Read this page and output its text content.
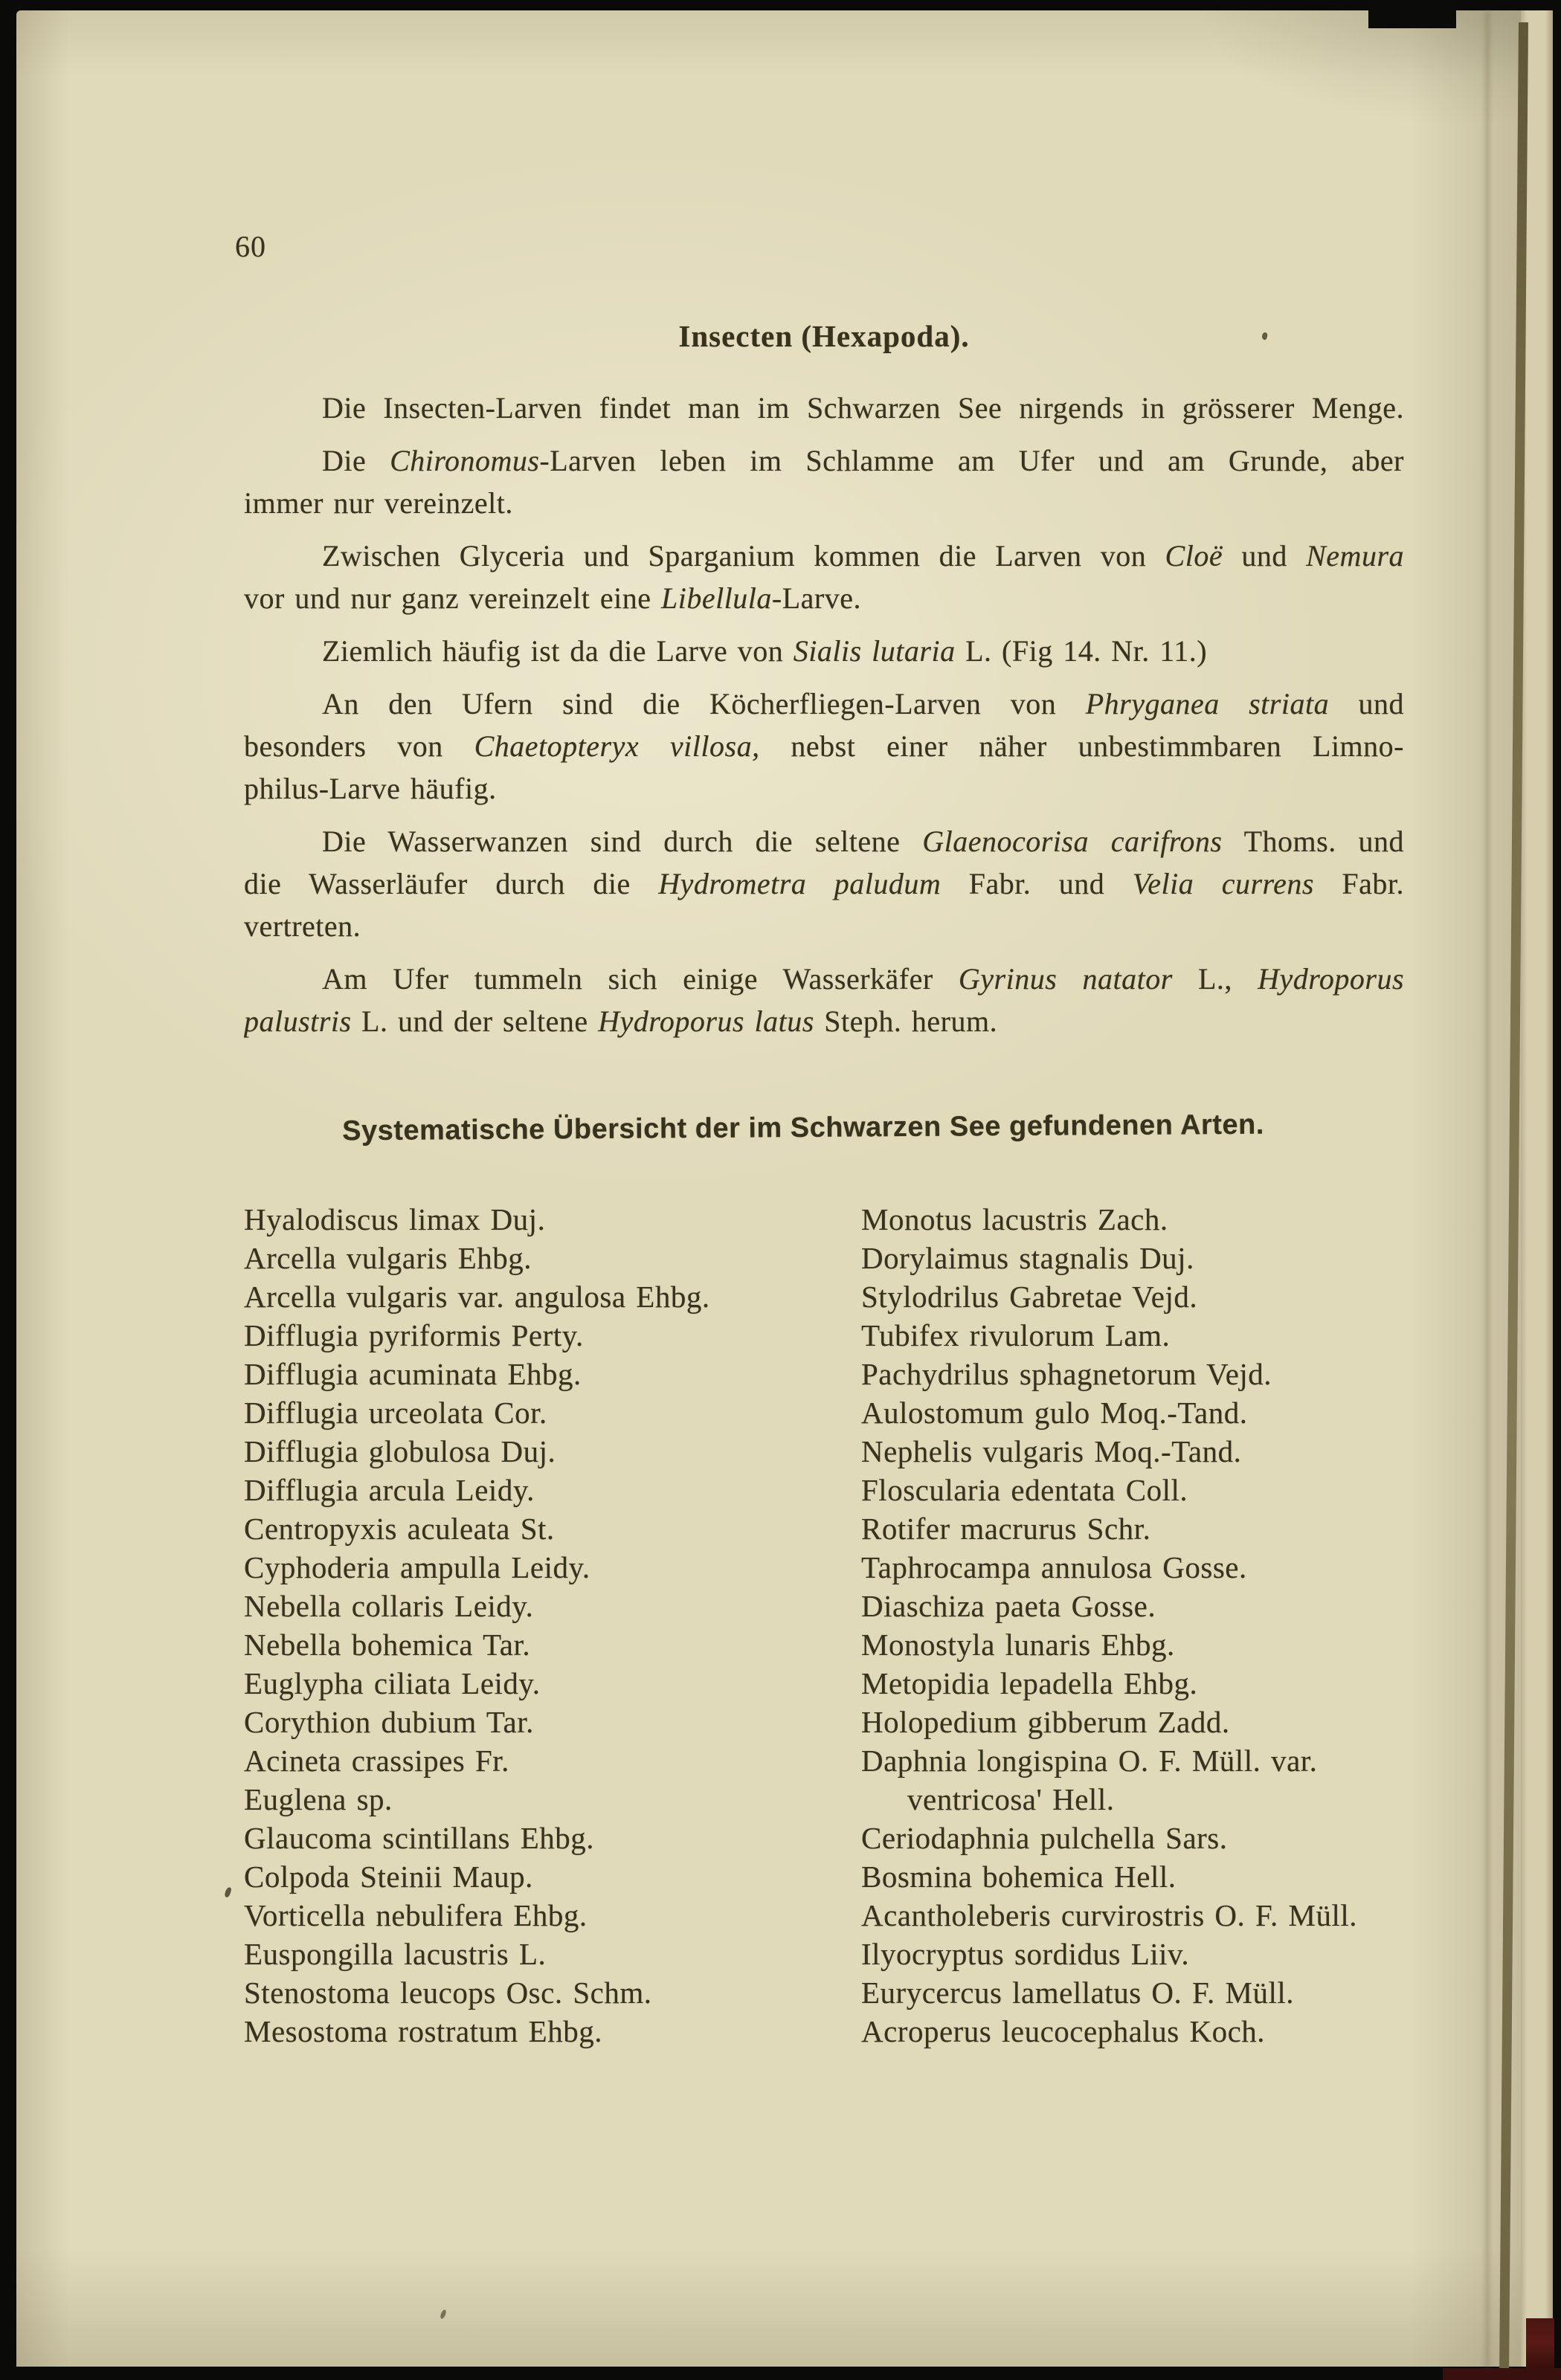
60
Insecten (Hexapoda).
Die Insecten-Larven findet man im Schwarzen See nirgends in grösserer Menge.
Die Chironomus-Larven leben im Schlamme am Ufer und am Grunde, aber
immer nur vereinzelt.
Zwischen Glyceria und Sparganium kommen die Larven von Cloë und Nemura
vor und nur ganz vereinzelt eine Libellula-Larve.
Ziemlich häufig ist da die Larve von Sialis lutaria L. (Fig 14. Nr. 11.)
An den Ufern sind die Köcherfliegen-Larven von Phryganea striata und
besonders von Chaetopteryx villosa, nebst einer näher unbestimmbaren Limno-
philus-Larve häufig.
Die Wasserwanzen sind durch die seltene Glaenocorisa carifrons Thoms. und
die Wasserläufer durch die Hydrometra paludum Fabr. und Velia currens Fabr.
vertreten.
Am Ufer tummeln sich einige Wasserkäfer Gyrinus natator L., Hydroporus
palustris L. und der seltene Hydroporus latus Steph. herum.
Systematische Übersicht der im Schwarzen See gefundenen Arten.
Hyalodiscus limax Duj.
Arcella vulgaris Ehbg.
Arcella vulgaris var. angulosa Ehbg.
Difflugia pyriformis Perty.
Difflugia acuminata Ehbg.
Difflugia urceolata Cor.
Difflugia globulosa Duj.
Difflugia arcula Leidy.
Centropyxis aculeata St.
Cyphoderia ampulla Leidy.
Nebella collaris Leidy.
Nebella bohemica Tar.
Euglypha ciliata Leidy.
Corythion dubium Tar.
Acineta crassipes Fr.
Euglena sp.
Glaucoma scintillans Ehbg.
Colpoda Steinii Maup.
Vorticella nebulifera Ehbg.
Euspongilla lacustris L.
Stenostoma leucops Osc. Schm.
Mesostoma rostratum Ehbg.
Monotus lacustris Zach.
Dorylaimus stagnalis Duj.
Stylodrilus Gabretae Vejd.
Tubifex rivulorum Lam.
Pachydrilus sphagnetorum Vejd.
Aulostomum gulo Moq.-Tand.
Nephelis vulgaris Moq.-Tand.
Floscularia edentata Coll.
Rotifer macrurus Schr.
Taphrocampa annulosa Gosse.
Diaschiza paeta Gosse.
Monostyla lunaris Ehbg.
Metopidia lepadella Ehbg.
Holopedium gibberum Zadd.
Daphnia longispina O. F. Müll. var.
ventricosa' Hell.
Ceriodaphnia pulchella Sars.
Bosmina bohemica Hell.
Acantholeberis curvirostris O. F. Müll.
Ilyocryptus sordidus Liiv.
Eurycercus lamellatus O. F. Müll.
Acroperus leucocephalus Koch.
